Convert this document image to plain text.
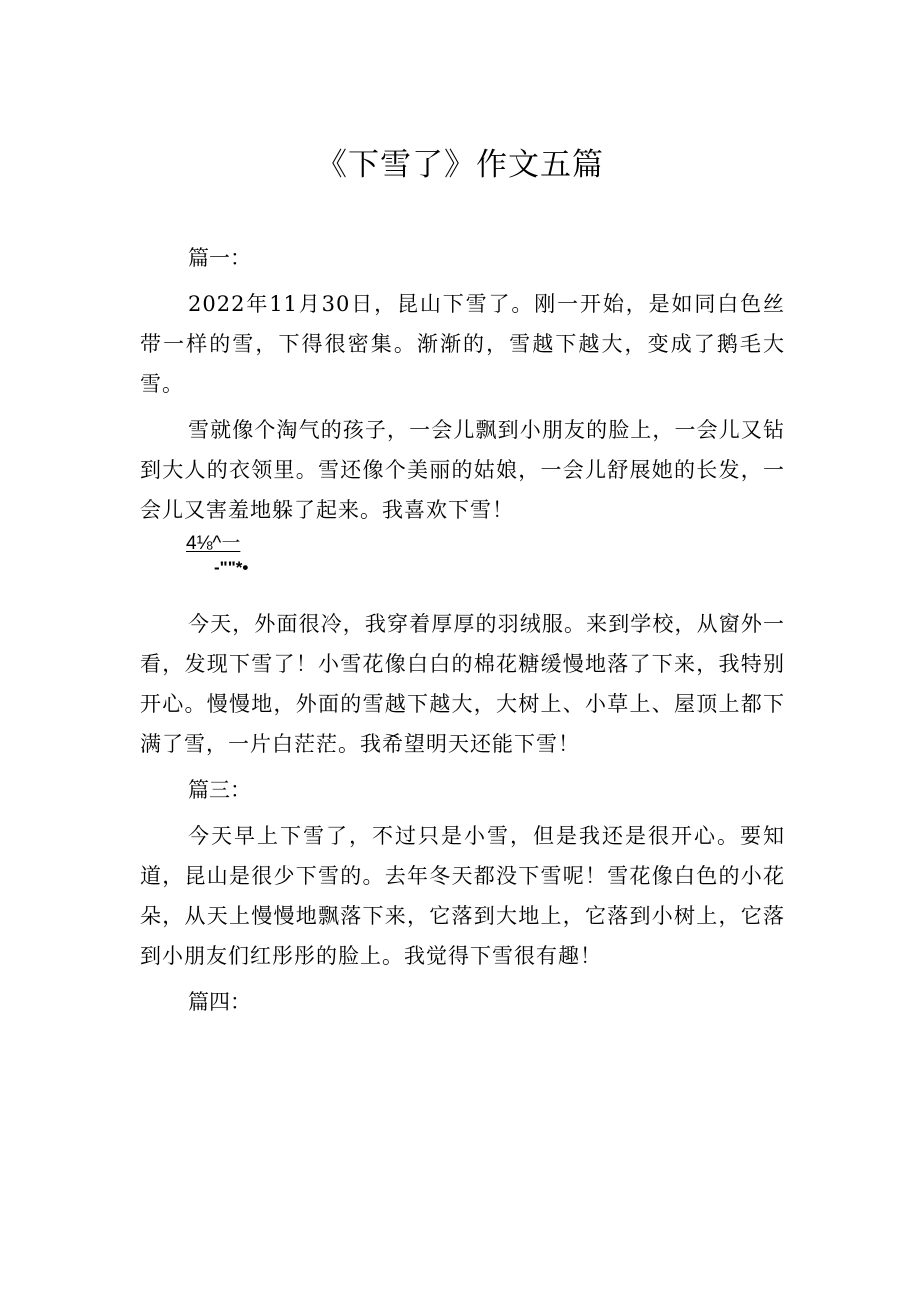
《下雪了》作文五篇

篇一：

2022年11月30日，昆山下雪了。刚一开始，是如同白色丝带一样的雪，下得很密集。渐渐的，雪越下越大，变成了鹅毛大雪。

雪就像个淘气的孩子，一会儿飘到小朋友的脸上，一会儿又钻到大人的衣领里。雪还像个美丽的姑娘，一会儿舒展她的长发，一会儿又害羞地躲了起来。我喜欢下雪！

4⅛^一
-""*•

今天，外面很冷，我穿着厚厚的羽绒服。来到学校，从窗外一看，发现下雪了！小雪花像白白的棉花糖缓慢地落了下来，我特别开心。慢慢地，外面的雪越下越大，大树上、小草上、屋顶上都下满了雪，一片白茫茫。我希望明天还能下雪！

篇三：

今天早上下雪了，不过只是小雪，但是我还是很开心。要知道，昆山是很少下雪的。去年冬天都没下雪呢！雪花像白色的小花朵，从天上慢慢地飘落下来，它落到大地上，它落到小树上，它落到小朋友们红彤彤的脸上。我觉得下雪很有趣！

篇四：
